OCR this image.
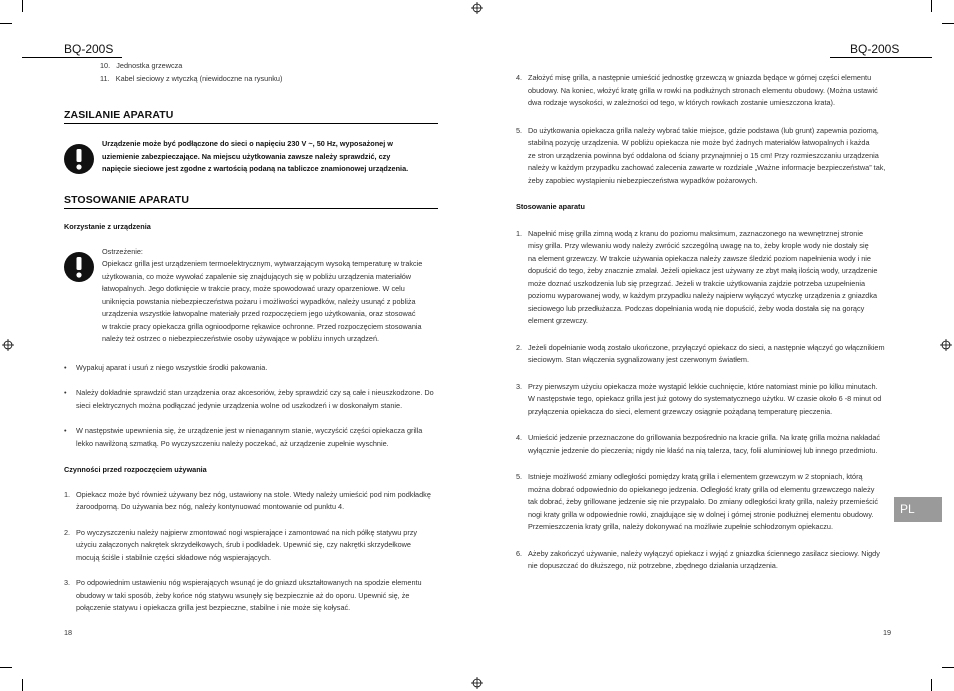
BQ-200S	BQ-200S
10. Jednostka grzewcza
11. Kabel sieciowy z wtyczką (niewidoczne na rysunku)
ZASILANIE APARATU
Urządzenie może być podłączone do sieci o napięciu 230 V ~, 50 Hz, wyposażonej w
uziemienie zabezpieczające. Na miejscu użytkowania zawsze należy sprawdzić, czy
napięcie sieciowe jest zgodne z wartością podaną na tabliczce znamionowej urządzenia.
STOSOWANIE APARATU
Korzystanie z urządzenia
Ostrzeżenie:
Opiekacz grilla jest urządzeniem termoelektrycznym, wytwarzającym wysoką temperaturę w trakcie
użytkowania, co może wywołać zapalenie się znajdujących się w pobliżu urządzenia materiałów
łatwopalnych. Jego dotknięcie w trakcie pracy, może spowodować urazy oparzeniowe. W celu
uniknięcia powstania niebezpieczeństwa pożaru i możliwości wypadków, należy usunąć z pobliża
urządzenia wszystkie łatwopalne materiały przed rozpoczęciem jego użytkowania, oraz stosować
w trakcie pracy opiekacza grilla ognioodporne rękawice ochronne. Przed rozpoczęciem stosowania
należy też ostrzec o niebezpieczeństwie osoby używające w pobliżu innych urządzeń.
• Wypakuj aparat i usuń z niego wszystkie środki pakowania.
• Należy dokładnie sprawdzić stan urządzenia oraz akcesoriów, żeby sprawdzić czy są całe i nieuszkodzone. Do
sieci elektrycznych można podłączać jedynie urządzenia wolne od uszkodzeń i w doskonałym stanie.
• W następstwie upewnienia się, że urządzenie jest w nienagannym stanie, wyczyścić części opiekacza grilla
lekko nawilżoną szmatką. Po wyczyszczeniu należy poczekać, aż urządzenie zupełnie wyschnie.
Czynności przed rozpoczęciem używania
1. Opiekacz może być również używany bez nóg, ustawiony na stole. Wtedy należy umieścić pod nim podkładkę
żaroodporną. Do używania bez nóg, należy kontynuować montowanie od punktu 4.
2. Po wyczyszczeniu należy najpierw zmontować nogi wspierające i zamontować na nich półkę statywu przy
użyciu załączonych nakrętek skrzydełkowych, śrub i podkładek. Upewnić się, czy nakrętki skrzydełkowe
mocują ściśle i stabilnie części składowe nóg wspierających.
3. Po odpowiednim ustawieniu nóg wspierających wsunąć je do gniazd ukształtowanych na spodzie elementu
obudowy w taki sposób, żeby końce nóg statywu wsunęły się bezpiecznie aż do oporu. Upewnić się, że
połączenie statywu i opiekacza grilla jest bezpieczne, stabilne i nie może się kołysać.
18
4. Założyć misę grilla, a następnie umieścić jednostkę grzewczą w gniazda będące w górnej części elementu
obudowy. Na koniec, włożyć kratę grilla w rowki na podłużnych stronach elementu obudowy. (Można ustawić
dwa rodzaje wysokości, w zależności od tego, w których rowkach zostanie umieszczona krata).
5. Do użytkowania opiekacza grilla należy wybrać takie miejsce, gdzie podstawa (lub grunt) zapewnia poziomą,
stabilną pozycję urządzenia. W pobliżu opiekacza nie może być żadnych materiałów łatwopalnych i każda
ze stron urządzenia powinna być oddalona od ściany przynajmniej o 15 cm! Przy rozmieszczaniu urządzenia
należy w każdym przypadku zachować zalecenia zawarte w rozdziale „Ważne informacje bezpieczeństwa” tak,
żeby zapobiec wystąpieniu niebezpieczeństwa wypadków pożarowych.
Stosowanie aparatu
1. Napełnić misę grilla zimną wodą z kranu do poziomu maksimum, zaznaczonego na wewnętrznej stronie
misy grilla. Przy wlewaniu wody należy zwrócić szczególną uwagę na to, żeby krople wody nie dostały się
na element grzewczy. W trakcie używania opiekacza należy zawsze śledzić poziom napełnienia wody i nie
dopuścić do tego, żeby znacznie zmalał. Jeżeli opiekacz jest używany ze zbyt małą ilością wody, urządzenie
może doznać uszkodzenia lub się przegrzać. Jeżeli w trakcie użytkowania zajdzie potrzeba uzupełnienia
poziomu wyparowanej wody, w każdym przypadku należy najpierw wyłączyć wtyczkę urządzenia z gniazdka
sieciowego lub przedłużacza. Podczas dopełniania wodą nie dopuścić, żeby woda dostała się na gorący
element grzewczy.
2. Jeżeli dopełnianie wodą zostało ukończone, przyłączyć opiekacz do sieci, a następnie włączyć go włącznikiem
sieciowym. Stan włączenia sygnalizowany jest czerwonym światłem.
3. Przy pierwszym użyciu opiekacza może wystąpić lekkie cuchnięcie, które natomiast minie po kilku minutach.
W następstwie tego, opiekacz grilla jest już gotowy do systematycznego użytku. W czasie około 6 -8 minut od
przyłączenia opiekacza do sieci, element grzewczy osiągnie pożądaną temperaturę pieczenia.
4. Umieścić jedzenie przeznaczone do grillowania bezpośrednio na kracie grilla. Na kratę grilla można nakładać
wyłącznie jedzenie do pieczenia; nigdy nie kłaść na nią talerza, tacy, folii aluminiowej lub innego przedmiotu.
5. Istnieje możliwość zmiany odległości pomiędzy kratą grilla i elementem grzewczym w 2 stopniach, którą
można dobrać odpowiednio do opiekanego jedzenia. Odległość kraty grilla od elementu grzewczego należy
tak dobrać, żeby grillowane jedzenie się nie przypalało. Do zmiany odległości kraty grilla, należy przemieścić
nogi kraty grilla w odpowiednie rowki, znajdujące się w dolnej i górnej stronie podłużnej elementu obudowy.
Przemieszczenia kraty grilla, należy dokonywać na możliwie zupełnie schłodzonym opiekaczu.
6. Ażeby zakończyć używanie, należy wyłączyć opiekacz i wyjąć z gniazdka ściennego zasilacz sieciowy. Nigdy
nie dopuszczać do dłuższego, niż potrzebne, zbędnego działania urządzenia.
19
PL
